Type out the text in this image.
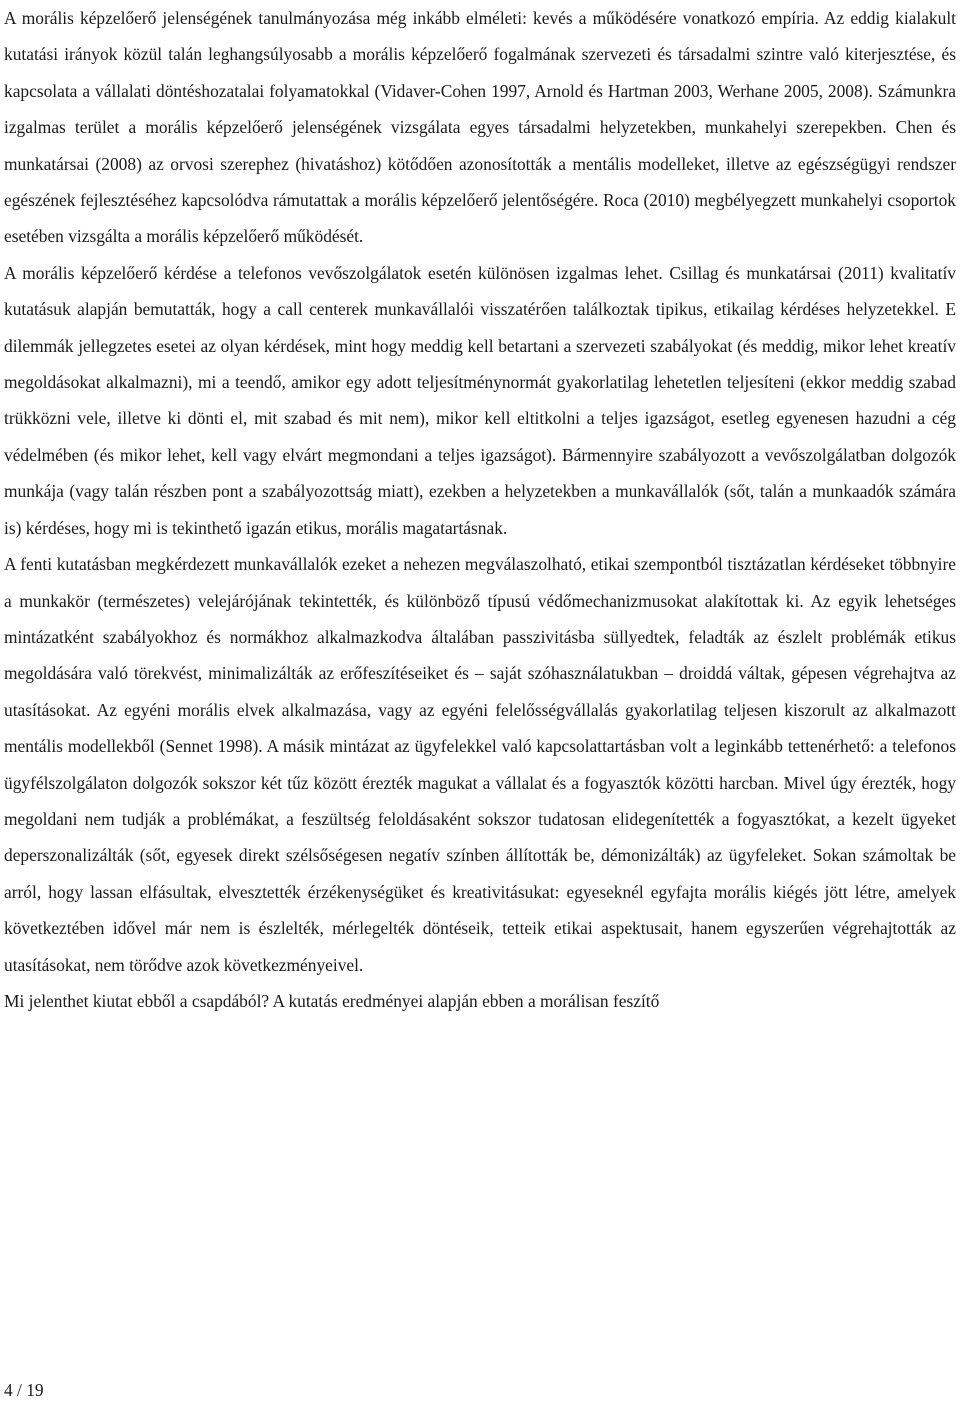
A morális képzelőerő jelenségének tanulmányozása még inkább elméleti: kevés a működésére vonatkozó empíria. Az eddig kialakult kutatási irányok közül talán leghangsúlyosabb a morális képzelőerő fogalmának szervezeti és társadalmi szintre való kiterjesztése, és kapcsolata a vállalati döntéshozatalai folyamatokkal (Vidaver-Cohen 1997, Arnold és Hartman 2003, Werhane 2005, 2008). Számunkra izgalmas terület a morális képzelőerő jelenségének vizsgálata egyes társadalmi helyzetekben, munkahelyi szerepekben. Chen és munkatársai (2008) az orvosi szerephez (hivatáshoz) kötődően azonosították a mentális modelleket, illetve az egészségügyi rendszer egészének fejlesztéséhez kapcsolódva rámutattak a morális képzelőerő jelentőségére. Roca (2010) megbélyegzett munkahelyi csoportok esetében vizsgálta a morális képzelőerő működését.

A morális képzelőerő kérdése a telefonos vevőszolgálatok esetén különösen izgalmas lehet. Csillag és munkatársai (2011) kvalitatív kutatásuk alapján bemutatták, hogy a call centerek munkavállalói visszatérően találkoztak tipikus, etikailag kérdéses helyzetekkel. E dilemmák jellegzetes esetei az olyan kérdések, mint hogy meddig kell betartani a szervezeti szabályokat (és meddig, mikor lehet kreatív megoldásokat alkalmazni), mi a teendő, amikor egy adott teljesítménynormát gyakorlatilag lehetetlen teljesíteni (ekkor meddig szabad trükközni vele, illetve ki dönti el, mit szabad és mit nem), mikor kell eltitkolni a teljes igazságot, esetleg egyenesen hazudni a cég védelmében (és mikor lehet, kell vagy elvárt megmondani a teljes igazságot). Bármennyire szabályozott a vevőszolgálatban dolgozók munkája (vagy talán részben pont a szabályozottság miatt), ezekben a helyzetekben a munkavállalók (sőt, talán a munkaadók számára is) kérdéses, hogy mi is tekinthető igazán etikus, morális magatartásnak.

A fenti kutatásban megkérdezett munkavállalók ezeket a nehezen megválaszolható, etikai szempontból tisztázatlan kérdéseket többnyire a munkakör (természetes) velejárójának tekintették, és különböző típusú védőmechanizmusokat alakítottak ki. Az egyik lehetséges mintázatként szabályokhoz és normákhoz alkalmazkodva általában passzivitásba süllyedtek, feladták az észlelt problémák etikus megoldására való törekvést, minimalizálták az erőfeszítéseiket és – saját szóhasználatukban – droiddá váltak, gépesen végrehajtva az utasításokat. Az egyéni morális elvek alkalmazása, vagy az egyéni felelősségvállalás gyakorlatilag teljesen kiszorult az alkalmazott mentális modellekből (Sennet 1998). A másik mintázat az ügyfelekkel való kapcsolattartásban volt a leginkább tettenérhető: a telefonos ügyfélszolgálaton dolgozók sokszor két tűz között érezték magukat a vállalat és a fogyasztók közötti harcban. Mivel úgy érezték, hogy megoldani nem tudják a problémákat, a feszültség feloldásaként sokszor tudatosan elidegenítették a fogyasztókat, a kezelt ügyeket deperszonalizálták (sőt, egyesek direkt szélsőségesen negatív színben állították be, démonizálták) az ügyfeleket. Sokan számoltak be arról, hogy lassan elfásultak, elvesztették érzékenységüket és kreativitásukat: egyeseknél egyfajta morális kiégés jött létre, amelyek következtében idővel már nem is észlelték, mérlegelték döntéseik, tetteik etikai aspektusait, hanem egyszerűen végrehajtották az utasításokat, nem törődve azok következményeivel.

Mi jelenthet kiutat ebből a csapdából? A kutatás eredményei alapján ebben a morálisan feszítő

4 / 19
